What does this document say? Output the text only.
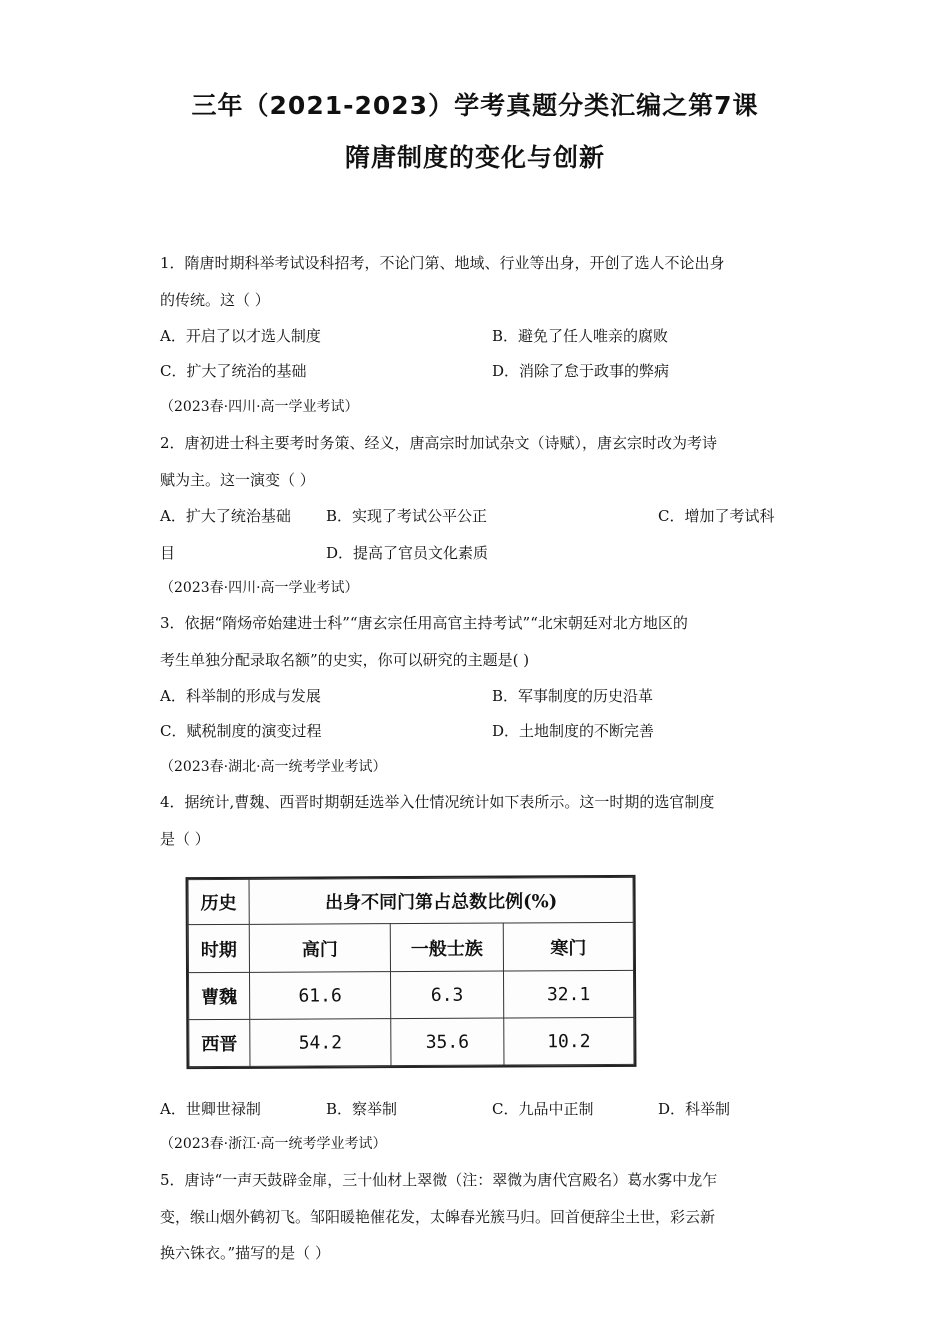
三年（2021-2023）学考真题分类汇编之第7课
隋唐制度的变化与创新
1．隋唐时期科举考试设科招考，不论门第、地域、行业等出身，开创了选人不论出身
的传统。这（ ）
A．开启了以才选人制度	B．避免了任人唯亲的腐败
C．扩大了统治的基础	D．消除了怠于政事的弊病
（2023春·四川·高一学业考试）
2．唐初进士科主要考时务策、经义，唐高宗时加试杂文（诗赋），唐玄宗时改为考诗
赋为主。这一演变（ ）
A．扩大了统治基础 B．实现了考试公平公正	C．增加了考试科
目	D．提高了官员文化素质
（2023春·四川·高一学业考试）
3．依据“隋炀帝始建进士科”“唐玄宗任用高官主持考试”“北宋朝廷对北方地区的
考生单独分配录取名额”的史实，你可以研究的主题是( )
A．科举制的形成与发展	B．军事制度的历史沿革
C．赋税制度的演变过程	D．土地制度的不断完善
（2023春·湖北·高一统考学业考试）
4．据统计,曹魏、西晋时期朝廷选举入仕情况统计如下表所示。这一时期的选官制度
是（ ）
历史	出身不同门第占总数比例(%)		
时期	高门	一般士族	寒门
曹魏	61.6	6.3	32.1
西晋	54.2	35.6	10.2
A．世卿世禄制	B．察举制	C．九品中正制	D．科举制
（2023春·浙江·高一统考学业考试）
5．唐诗“一声天鼓辟金扉，三十仙材上翠微（注：翠微为唐代宫殿名）葛水雾中龙乍
变，缑山烟外鹤初飞。邹阳暖艳催花发，太皞春光簇马归。回首便辞尘土世，彩云新
换六铢衣。”描写的是（ ）
